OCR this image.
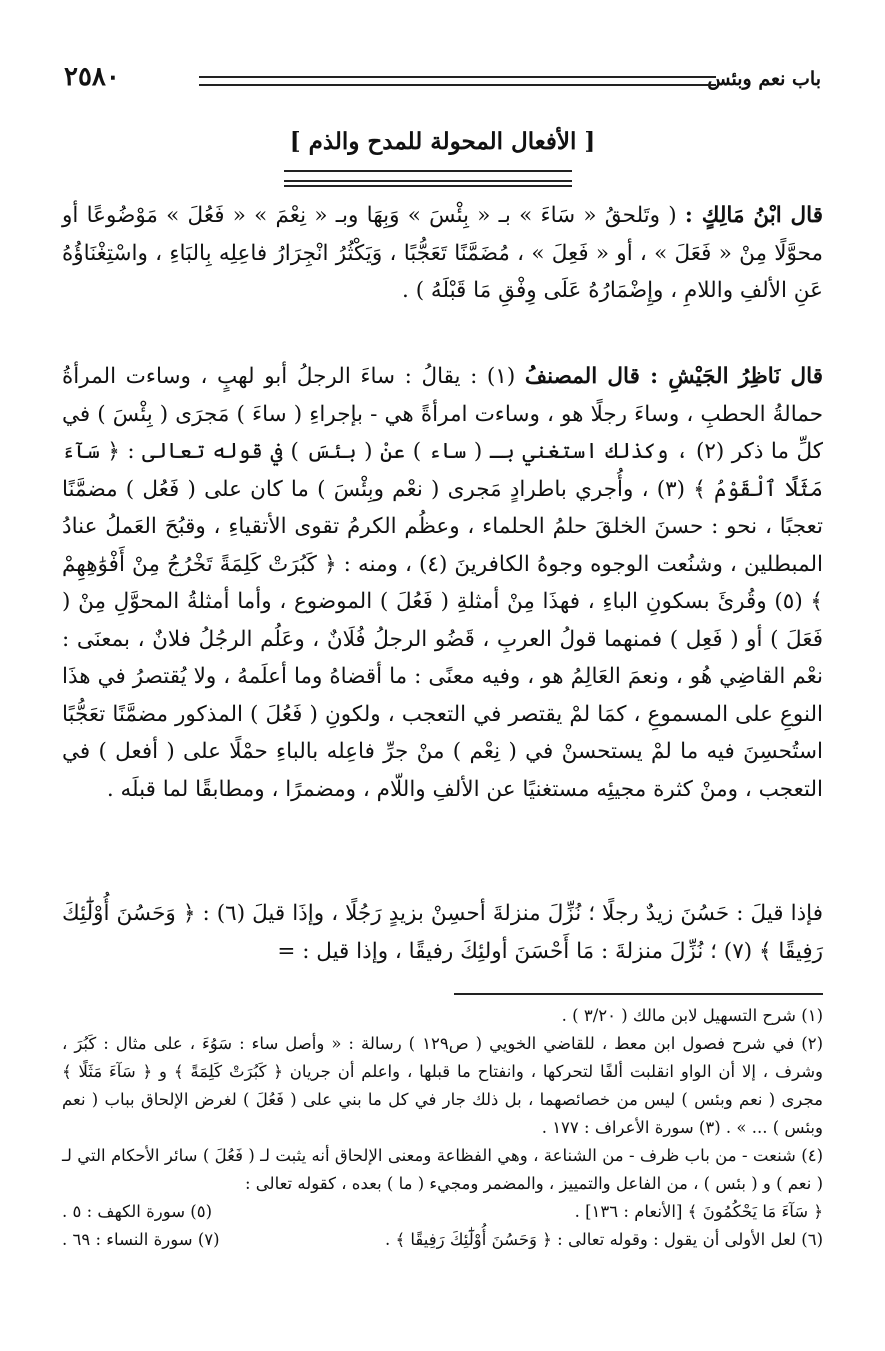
باب نعم وبئس
٢٥٨٠
[ الأفعال المحولة للمدح والذم ]
قال ابْنُ مَالِكٍ : ( وتَلحقُ « سَاءَ » بـ « بِئْسَ » وَبِهَا وبـ « نِعْمَ » « فَعُلَ » مَوْضُوعًا أو محوَّلًا مِنْ « فَعَلَ » ، أو « فَعِلَ » ، مُضَمَّنًا تَعَجُّبًا ، وَيَكْثُرُ انْجِرَارُ فاعِلِه بِالبَاءِ ، واسْتِغْنَاؤُهُ عَنِ الألفِ واللامِ ، وإِضْمَارُهُ عَلَى وِفْقِ مَا قَبْلَهُ ) .
قال نَاظِرُ الجَيْشِ : قال المصنفُ (١) : يقالُ : ساءَ الرجلُ أبو لهبٍ ، وساءت المرأةُ حمالةُ الحطبِ ، وساءَ رجلًا هو ، وساءت امرأةً هي - بإجراءِ ( ساءَ ) مَجرَى ( بِئْسَ ) في كلِّ ما ذكر (٢) ، وكذلك استغني بـ ( ساء ) عنْ ( بئسَ ) في قوله تعالى : ﴿ سَآءَ مَثَلًا ٱلْقَوْمُ ﴾ (٣) ، وأُجري باطرادٍ مَجرى ( نعْم وبِئْسَ ) ما كان على ( فَعُل ) مضمَّنًا تعجبًا ، نحو : حسنَ الخلقَ حلمُ الحلماء ، وعظُم الكرمُ تقوى الأتقياءِ ، وقبُحَ العَملُ عنادُ المبطلين ، وشنُعت الوجوه وجوهُ الكافرينَ (٤) ، ومنه : ﴿ كَبُرَتْ كَلِمَةً تَخْرُجُ مِنْ أَفْوَٰهِهِمْ ﴾ (٥) وقُرئَ بسكونِ الباءِ ، فهذَا مِنْ أمثلةِ ( فَعُلَ ) الموضوع ، وأما أمثلةُ المحوَّلِ مِنْ ( فَعَلَ ) أو ( فَعِل ) فمنهما قولُ العربِ ، قَضُو الرجلُ فُلَانٌ ، وعَلُم الرجُلُ فلانٌ ، بمعنَى : نعْم القاضِي هُو ، ونعمَ العَالِمُ هو ، وفيه معنًى : ما أقضاهُ وما أعلَمهُ ، ولا يُقتصرُ في هذَا النوعِ على المسموعِ ، كمَا لمْ يقتصر في التعجب ، ولكونِ ( فَعُلَ ) المذكور مضمَّنًا تعَجُّبًا استُحسِنَ فيه ما لمْ يستحسنْ في ( نِعْم ) منْ جرِّ فاعِله بالباءِ حمْلًا على ( أفعل ) في التعجب ، ومنْ كثرة مجيئِه مستغنيًا عن الألفِ واللّام ، ومضمرًا ، ومطابقًا لما قبلَه .
فإذا قيلَ : حَسُنَ زيدٌ رجلًا ؛ نُزِّلَ منزلةَ أحسِنْ بزيدٍ رَجُلًا ، وإذَا قيلَ (٦) : ﴿ وَحَسُنَ أُوْلَٰٓئِكَ رَفِيقًا ﴾ (٧) ؛ نُزِّلَ منزلةَ : مَا أَحْسَنَ أولئِكَ رفيقًا ، وإذا قيل : =

(١) شرح التسهيل لابن مالك ( ٣/٢٠ ) .

(٢) في شرح فصول ابن معط ، للقاضي الخويي ( ص١٢٩ ) رسالة : « وأصل ساء : سَوُءَ ، على مثال : كَبُرَ ، وشرف ، إلا أن الواو انقلبت ألفًا لتحركها ، وانفتاح ما قبلها ، واعلم أن جريان ﴿ كَبُرَتْ كَلِمَةً ﴾ و ﴿ سَآءَ مَثَلًا ﴾ مجرى ( نعم وبئس ) ليس من خصائصهما ، بل ذلك جار في كل ما بني على ( فَعُلَ ) لغرض الإلحاق بباب ( نعم وبئس ) ... » . (٣) سورة الأعراف : ١٧٧ .

(٤) شنعت - من باب ظرف - من الشناعة ، وهي الفظاعة ومعنى الإلحاق أنه يثبت لـ ( فَعُلَ ) سائر الأحكام التي لـ ( نعم ) و ( بئس ) ، من الفاعل والتمييز ، والمضمر ومجيء ( ما ) بعده ، كقوله تعالى :

﴿ سَآءَ مَا يَحْكُمُونَ ﴾ [الأنعام : ١٣٦] .
(٥) سورة الكهف : ٥ .
(٦) لعل الأولى أن يقول : وقوله تعالى : ﴿ وَحَسُنَ أُوْلَٰٓئِكَ رَفِيقًا ﴾ .
(٧) سورة النساء : ٦٩ .
